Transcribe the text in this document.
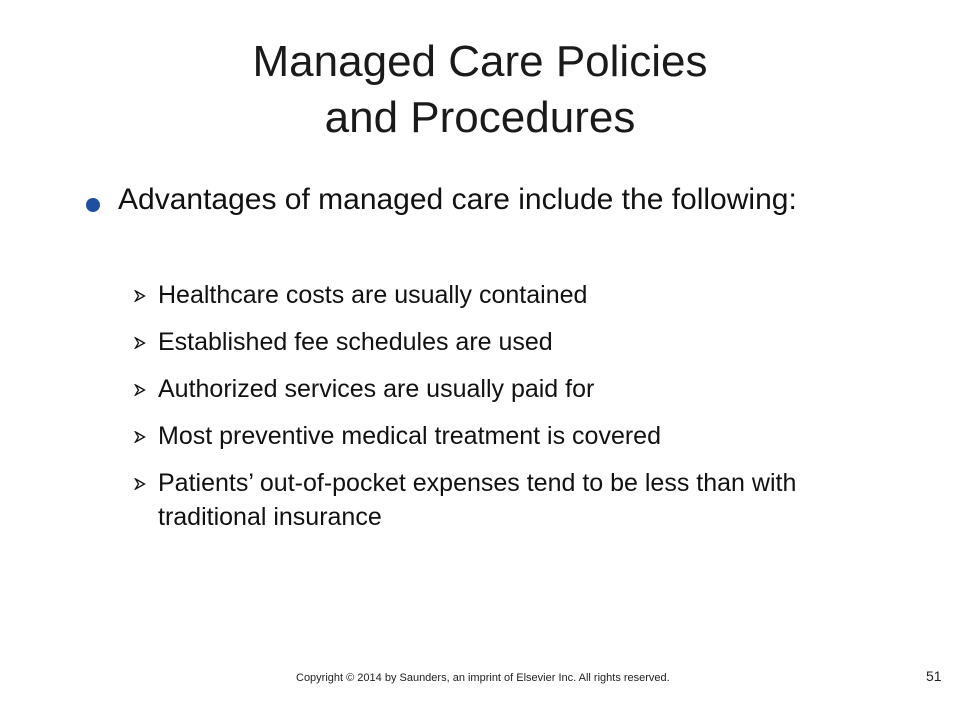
Managed Care Policies
and Procedures
Advantages of managed care include the following:
Healthcare costs are usually contained
Established fee schedules are used
Authorized services are usually paid for
Most preventive medical treatment is covered
Patients’ out-of-pocket expenses tend to be less than with traditional insurance
Copyright © 2014 by Saunders, an imprint of Elsevier Inc. All rights reserved.	51
